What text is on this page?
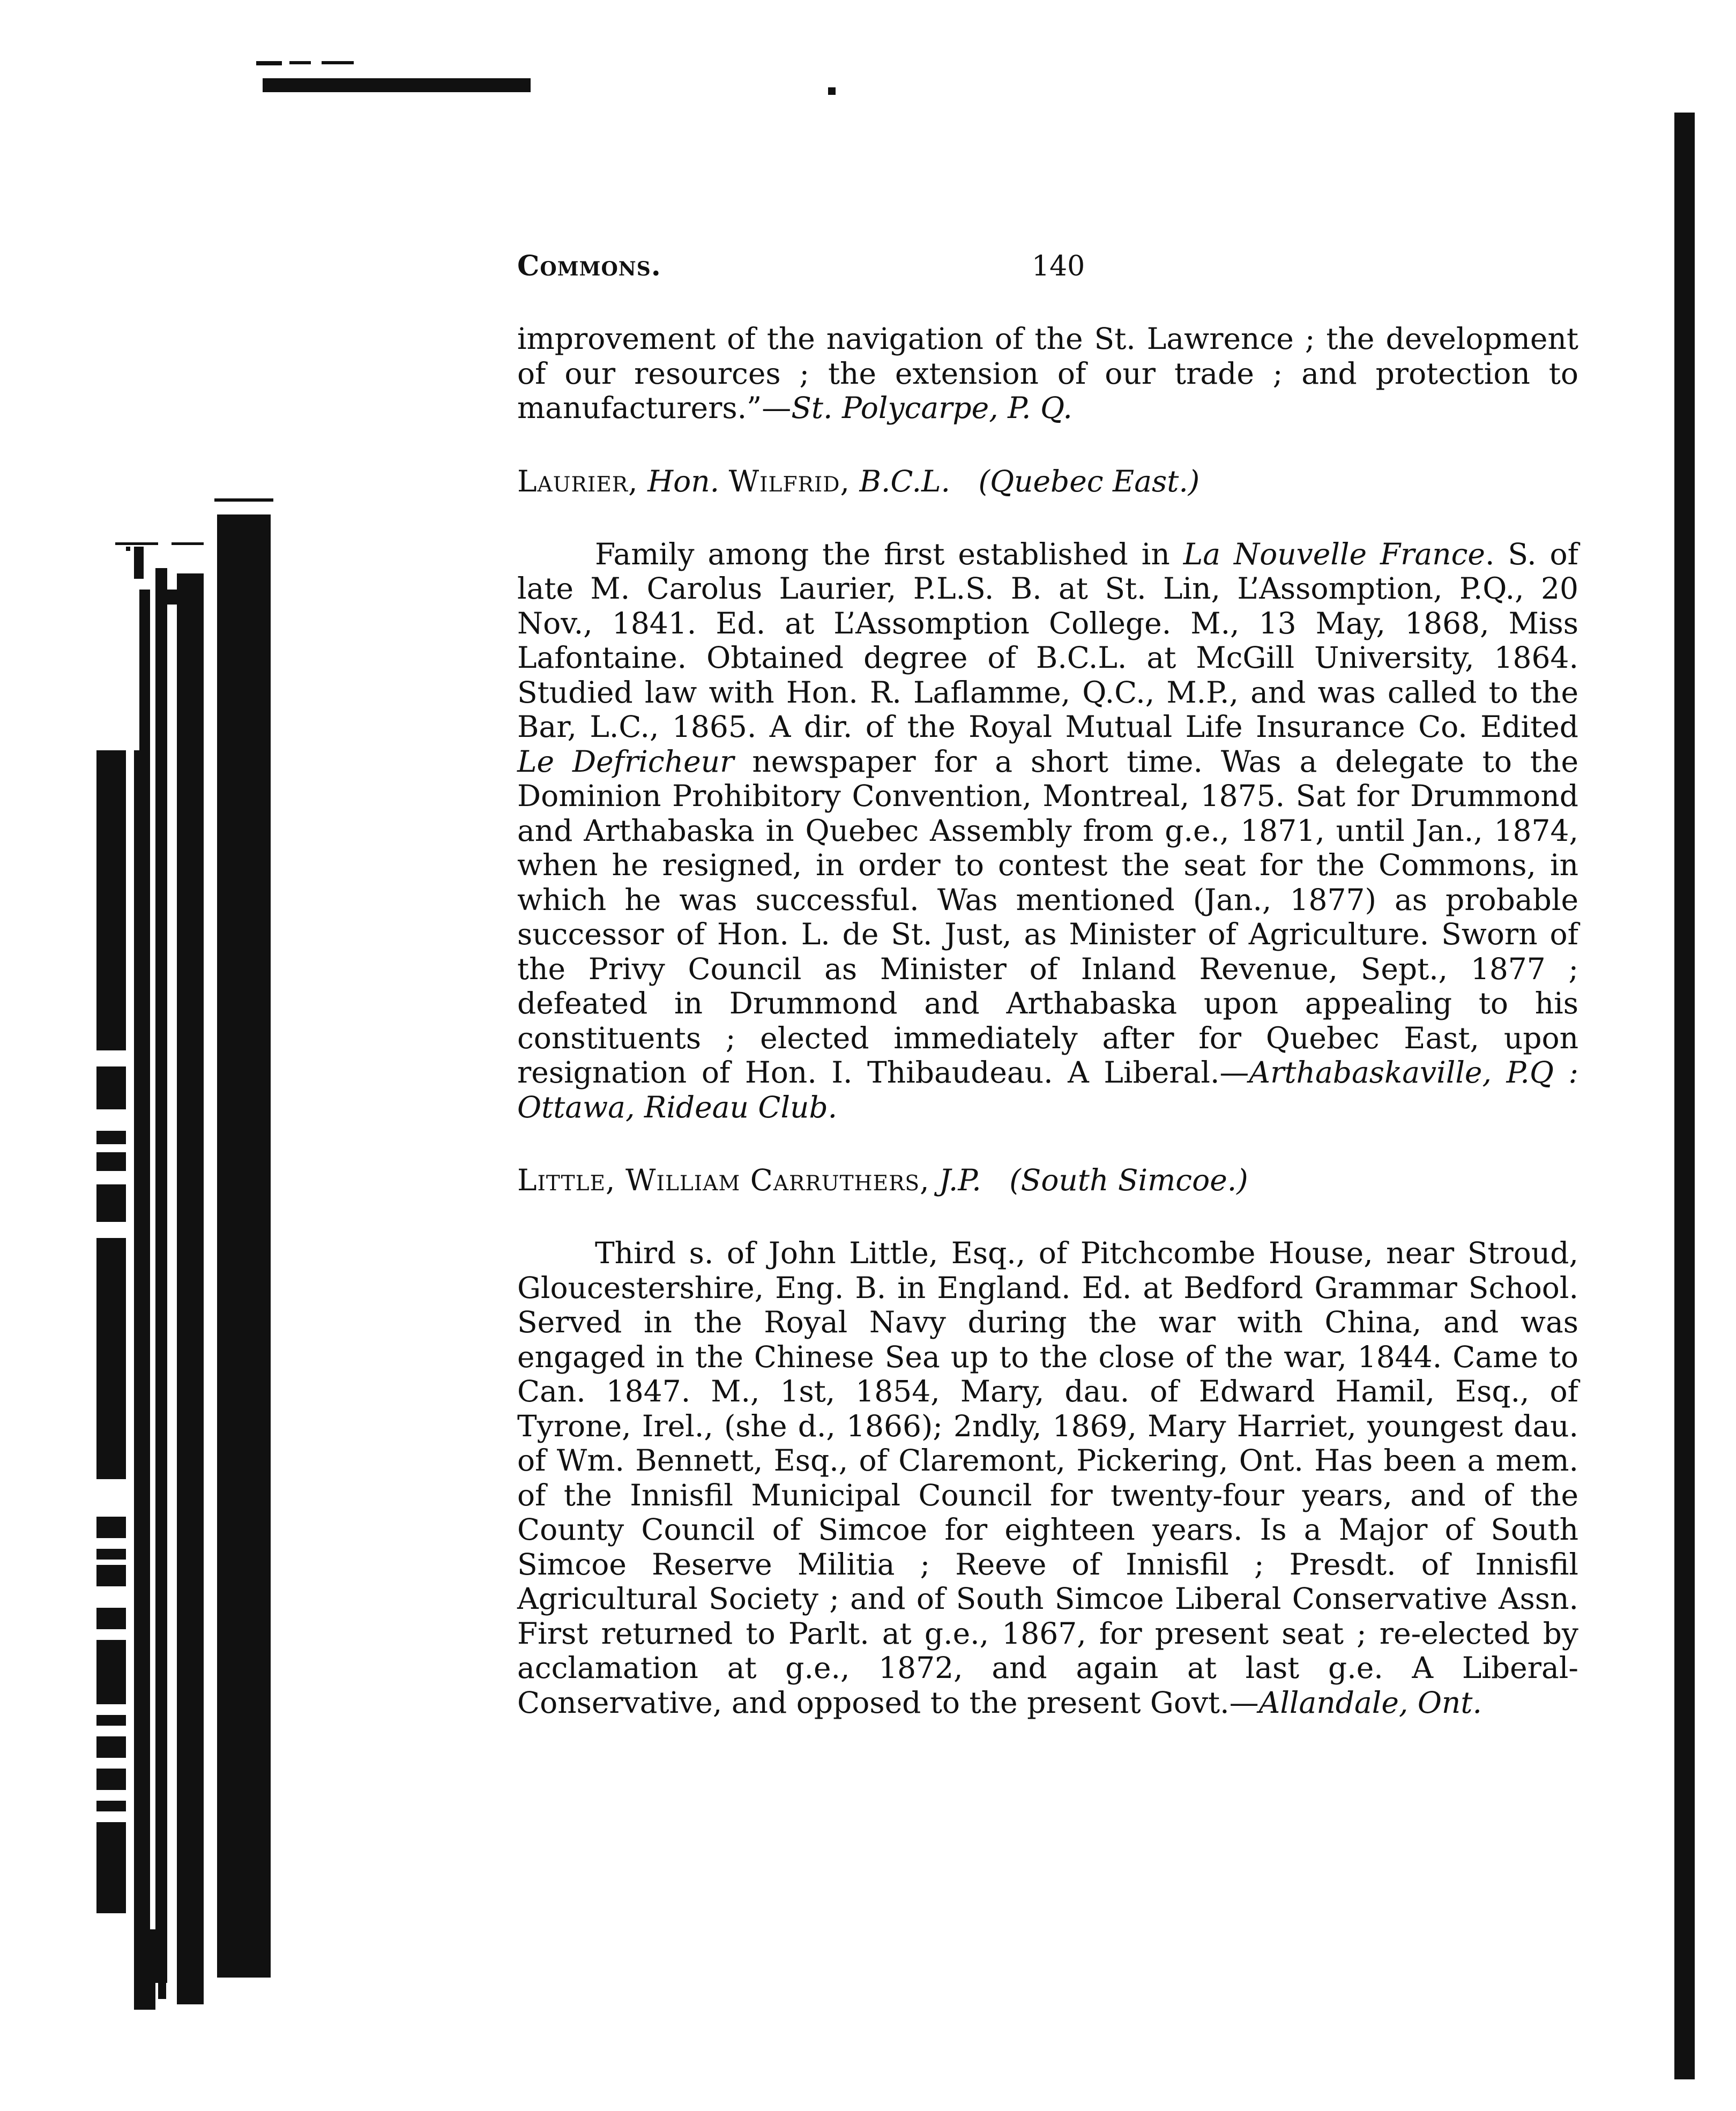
Commons.	140

improvement of the navigation of the St. Lawrence ; the development of our resources ; the extension of our trade ; and protection to manufacturers.”—St. Polycarpe, P. Q.

Laurier, Hon. Wilfrid, B.C.L. (Quebec East.)

Family among the first established in La Nouvelle France. S. of late M. Carolus Laurier, P.L.S. B. at St. Lin, L’Assomption, P.Q., 20 Nov., 1841. Ed. at L’Assomption College. M., 13 May, 1868, Miss Lafontaine. Obtained degree of B.C.L. at McGill University, 1864. Studied law with Hon. R. Laflamme, Q.C., M.P., and was called to the Bar, L.C., 1865. A dir. of the Royal Mutual Life Insurance Co. Edited Le Defricheur newspaper for a short time. Was a delegate to the Dominion Prohibitory Convention, Montreal, 1875. Sat for Drummond and Arthabaska in Quebec Assembly from g.e., 1871, until Jan., 1874, when he resigned, in order to contest the seat for the Commons, in which he was successful. Was mentioned (Jan., 1877) as probable successor of Hon. L. de St. Just, as Minister of Agriculture. Sworn of the Privy Council as Minister of Inland Revenue, Sept., 1877 ; defeated in Drummond and Arthabaska upon appealing to his constituents ; elected immediately after for Quebec East, upon resignation of Hon. I. Thibaudeau. A Liberal.—Arthabaskaville, P.Q : Ottawa, Rideau Club.

Little, William Carruthers, J.P. (South Simcoe.)

Third s. of John Little, Esq., of Pitchcombe House, near Stroud, Gloucestershire, Eng. B. in England. Ed. at Bedford Grammar School. Served in the Royal Navy during the war with China, and was engaged in the Chinese Sea up to the close of the war, 1844. Came to Can. 1847. M., 1st, 1854, Mary, dau. of Edward Hamil, Esq., of Tyrone, Irel., (she d., 1866); 2ndly, 1869, Mary Harriet, youngest dau. of Wm. Bennett, Esq., of Claremont, Pickering, Ont. Has been a mem. of the Innisfil Municipal Council for twenty-four years, and of the County Council of Simcoe for eighteen years. Is a Major of South Simcoe Reserve Militia ; Reeve of Innisfil ; Presdt. of Innisfil Agricultural Society ; and of South Simcoe Liberal Conservative Assn. First returned to Parlt. at g.e., 1867, for present seat ; re-elected by acclamation at g.e., 1872, and again at last g.e. A Liberal-Conservative, and opposed to the present Govt.—Allandale, Ont.
